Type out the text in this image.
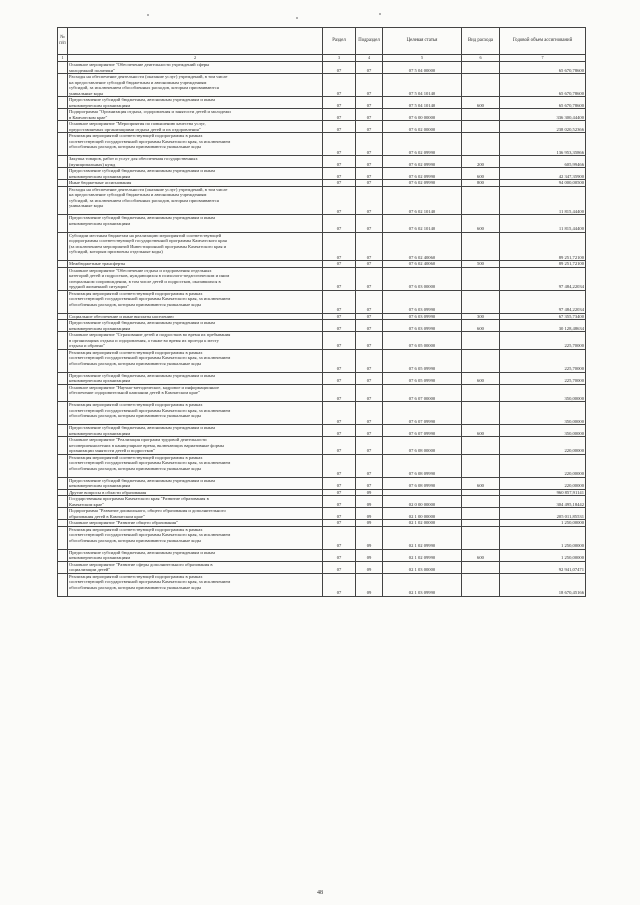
№ п/п		Раздел	Подраздел	Целевая статья	Вид расхода	Годовой объем ассигнований
1	2	3	4	5	6	7

	Основное мероприятие "Обеспечение деятельности учреждений сферы
молодежной политики"	07	07	07 5 04 00000		65 670,78600

	Расходы на обеспечение деятельности (оказание услуг) учреждений, в том числе
на предоставление субсидий бюджетным и автономным учреждениям
субсидий, за исключением обособленных расходов, которым присваиваются
уникальные коды	07	07	07 5 04 10140		65 670,78600

	Предоставление субсидий бюджетным, автономным учреждениям и иным
некоммерческим организациям	07	07	07 5 04 10140	600	65 670,78600

	Подпрограмма "Организация отдыха, оздоровления и занятости детей и молодежи
в Камчатском крае"	07	07	07 6 00 00000		336 300,44400

	Основное мероприятие "Мероприятия по повышению качества услуг,
предоставляемых организациями отдыха детей и их оздоровления"	07	07	07 6 02 00000		238 020,52366

	Реализация мероприятий соответствующей подпрограммы в рамках
соответствующей государственной программы Камчатского края, за исключением
обособленных расходов, которым присваиваются уникальные коды	07	07	07 6 02 09990		136 953,35866

	Закупка товаров, работ и услуг для обеспечения государственных
(муниципальных) нужд	07	07	07 6 02 09990	200	605,99466

	Предоставление субсидий бюджетным, автономным учреждениям и иным
некоммерческим организациям	07	07	07 6 02 09990	600	42 347,35900

	Иные бюджетные ассигнования	07	07	07 6 02 09990	800	94 000,00500

	Расходы на обеспечение деятельности (оказание услуг) учреждений, в том числе
на предоставление субсидий бюджетным и автономным учреждениям
субсидий, за исключением обособленных расходов, которым присваиваются
уникальные коды	07	07	07 6 02 10140		11 815,44400

	Предоставление субсидий бюджетным, автономным учреждениям и иным
некоммерческим организациям	07	07	07 6 02 10140	600	11 815,44400

	Субсидии местным бюджетам на реализацию мероприятий соответствующей
подпрограммы соответствующей государственной программы Камчатского края
(за исключением мероприятий Инвестиционной программы Камчатского края и
субсидий, которым присвоены отдельные коды)	07	07	07 6 02 40060		89 251,72100

	Межбюджетные трансферты	07	07	07 6 02 40060	500	89 251,72100

	Основное мероприятие "Обеспечение отдыха и оздоровления отдельных
категорий детей и подростков, нуждающихся в психолого-педагогическом и ином
специальном сопровождении, в том числе детей и подростков, оказавшихся в
трудной жизненной ситуации"	07	07	07 6 03 00000		97 484,22034

	Реализация мероприятий соответствующей подпрограммы в рамках
соответствующей государственной программы Камчатского края, за исключением
обособленных расходов, которым присваиваются уникальные коды	07	07	07 6 03 09990		97 484,22034

	Социальное обеспечение и иные выплаты населению	07	07	07 6 03 09990	300	67 355,73400

	Предоставление субсидий бюджетным, автономным учреждениям и иным
некоммерческим организациям	07	07	07 6 03 09990	600	30 128,48634

	Основное мероприятие "Страхование детей и подростков во время их пребывания
в организациях отдыха и оздоровления, а также во время их проезда к месту
отдыха и обратно"	07	07	07 6 05 00000		225,70000

	Реализация мероприятий соответствующей подпрограммы в рамках
соответствующей государственной программы Камчатского края, за исключением
обособленных расходов, которым присваиваются уникальные коды	07	07	07 6 05 09990		225,70000

	Предоставление субсидий бюджетным, автономным учреждениям и иным
некоммерческим организациям	07	07	07 6 05 09990	600	225,70000

	Основное мероприятие "Научно-методическое, кадровое и информационное
обеспечение оздоровительной кампании детей в Камчатском крае"	07	07	07 6 07 00000		350,00000

	Реализация мероприятий соответствующей подпрограммы в рамках
соответствующей государственной программы Камчатского края, за исключением
обособленных расходов, которым присваиваются уникальные коды	07	07	07 6 07 09990		350,00000

	Предоставление субсидий бюджетным, автономным учреждениям и иным
некоммерческим организациям	07	07	07 6 07 09990	600	350,00000

	Основное мероприятие "Реализация программ трудовой деятельности
несовершеннолетних в каникулярное время, включающих вариативные формы
организации занятости детей и подростков"	07	07	07 6 08 00000		220,00000

	Реализация мероприятий соответствующей подпрограммы в рамках
соответствующей государственной программы Камчатского края, за исключением
обособленных расходов, которым присваиваются уникальные коды	07	07	07 6 08 09990		220,00000

	Предоставление субсидий бюджетным, автономным учреждениям и иным
некоммерческим организациям	07	07	07 6 08 09990	600	220,00000

	Другие вопросы в области образования	07	09			960 857,91141

	Государственная программа Камчатского края "Развитие образования в
Камчатском крае"	07	09	02 0 00 00000		304 495,18442

	Подпрограмма "Развитие дошкольного, общего образования и дополнительного
образования детей в Камчатском крае"	07	09	02 1 00 00000		205 011,85531

	Основное мероприятие "Развитие общего образования"	07	09	02 1 02 00000		1 250,00000

	Реализация мероприятий соответствующей подпрограммы в рамках
соответствующей государственной программы Камчатского края, за исключением
обособленных расходов, которым присваиваются уникальные коды	07	09	02 1 02 09990		1 250,00000

	Предоставление субсидий бюджетным, автономным учреждениям и иным
некоммерческим организациям	07	09	02 1 02 09990	600	1 250,00000

	Основное мероприятие "Развитие сферы дополнительного образования в
социализации детей"	07	09	02 1 03 00000		92 941,07471

	Реализация мероприятий соответствующей подпрограммы в рамках
соответствующей государственной программы Камчатского края, за исключением
обособленных расходов, которым присваиваются уникальные коды	07	09	02 1 03 09990		18 670,45166
48
